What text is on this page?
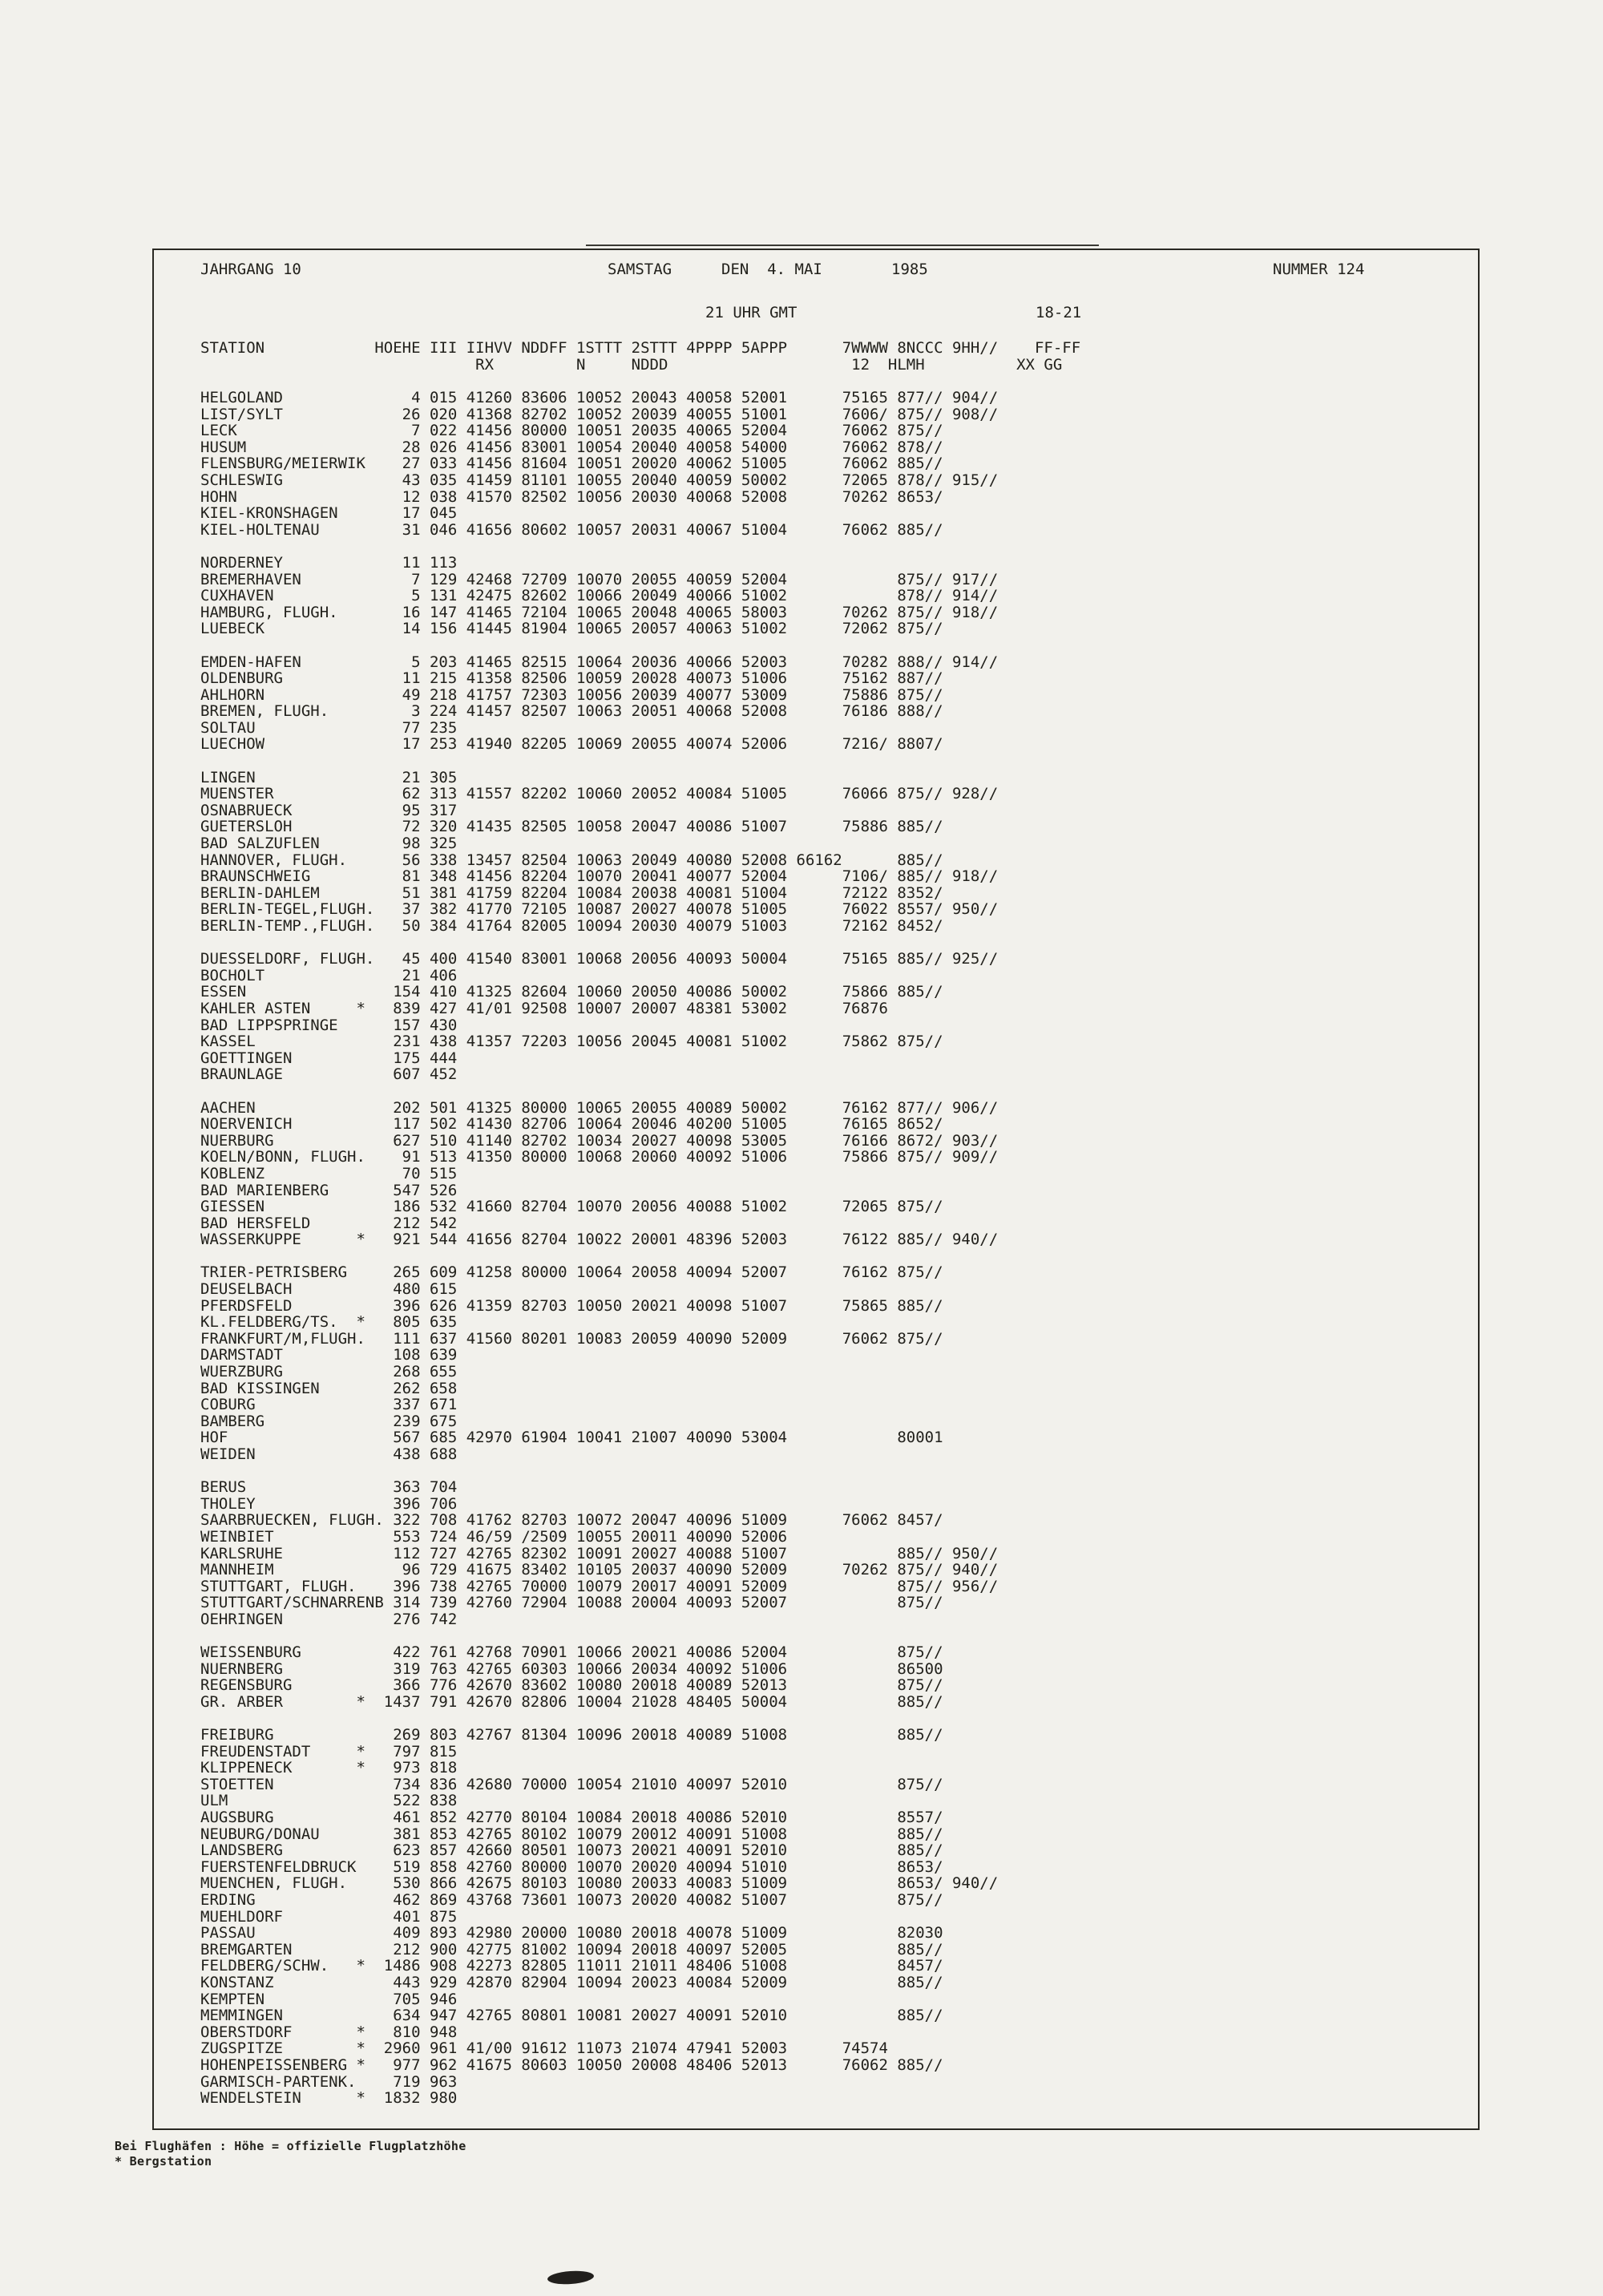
JAHRGANG 10	SAMSTAG	DEN  4. MAI	1985	NUMMER 124
21 UHR GMT	18-21
STATION            HOEHE III IIHVV NDDFF 1STTT 2STTT 4PPPP 5APPP      7WWWW 8NCCC 9HH//    FF-FF
RX         N     NDDD                    12  HLMH          XX GG
HELGOLAND              4 015 41260 83606 10052 20043 40058 52001      75165 877// 904//
LIST/SYLT             26 020 41368 82702 10052 20039 40055 51001      7606/ 875// 908//
LECK                   7 022 41456 80000 10051 20035 40065 52004      76062 875//
HUSUM                 28 026 41456 83001 10054 20040 40058 54000      76062 878//
FLENSBURG/MEIERWIK    27 033 41456 81604 10051 20020 40062 51005      76062 885//
SCHLESWIG             43 035 41459 81101 10055 20040 40059 50002      72065 878// 915//
HOHN                  12 038 41570 82502 10056 20030 40068 52008      70262 8653/
KIEL-KRONSHAGEN       17 045
KIEL-HOLTENAU         31 046 41656 80602 10057 20031 40067 51004      76062 885//
NORDERNEY             11 113
BREMERHAVEN            7 129 42468 72709 10070 20055 40059 52004            875// 917//
CUXHAVEN               5 131 42475 82602 10066 20049 40066 51002            878// 914//
HAMBURG, FLUGH.       16 147 41465 72104 10065 20048 40065 58003      70262 875// 918//
LUEBECK               14 156 41445 81904 10065 20057 40063 51002      72062 875//
EMDEN-HAFEN            5 203 41465 82515 10064 20036 40066 52003      70282 888// 914//
OLDENBURG             11 215 41358 82506 10059 20028 40073 51006      75162 887//
AHLHORN               49 218 41757 72303 10056 20039 40077 53009      75886 875//
BREMEN, FLUGH.         3 224 41457 82507 10063 20051 40068 52008      76186 888//
SOLTAU                77 235
LUECHOW               17 253 41940 82205 10069 20055 40074 52006      7216/ 8807/
LINGEN                21 305
MUENSTER              62 313 41557 82202 10060 20052 40084 51005      76066 875// 928//
OSNABRUECK            95 317
GUETERSLOH            72 320 41435 82505 10058 20047 40086 51007      75886 885//
BAD SALZUFLEN         98 325
HANNOVER, FLUGH.      56 338 13457 82504 10063 20049 40080 52008 66162      885//
BRAUNSCHWEIG          81 348 41456 82204 10070 20041 40077 52004      7106/ 885// 918//
BERLIN-DAHLEM         51 381 41759 82204 10084 20038 40081 51004      72122 8352/
BERLIN-TEGEL,FLUGH.   37 382 41770 72105 10087 20027 40078 51005      76022 8557/ 950//
BERLIN-TEMP.,FLUGH.   50 384 41764 82005 10094 20030 40079 51003      72162 8452/
DUESSELDORF, FLUGH.   45 400 41540 83001 10068 20056 40093 50004      75165 885// 925//
BOCHOLT               21 406
ESSEN                154 410 41325 82604 10060 20050 40086 50002      75866 885//
KAHLER ASTEN     *   839 427 41/01 92508 10007 20007 48381 53002      76876
BAD LIPPSPRINGE      157 430
KASSEL               231 438 41357 72203 10056 20045 40081 51002      75862 875//
GOETTINGEN           175 444
BRAUNLAGE            607 452
AACHEN               202 501 41325 80000 10065 20055 40089 50002      76162 877// 906//
NOERVENICH           117 502 41430 82706 10064 20046 40200 51005      76165 8652/
NUERBURG             627 510 41140 82702 10034 20027 40098 53005      76166 8672/ 903//
KOELN/BONN, FLUGH.    91 513 41350 80000 10068 20060 40092 51006      75866 875// 909//
KOBLENZ               70 515
BAD MARIENBERG       547 526
GIESSEN              186 532 41660 82704 10070 20056 40088 51002      72065 875//
BAD HERSFELD         212 542
WASSERKUPPE      *   921 544 41656 82704 10022 20001 48396 52003      76122 885// 940//
TRIER-PETRISBERG     265 609 41258 80000 10064 20058 40094 52007      76162 875//
DEUSELBACH           480 615
PFERDSFELD           396 626 41359 82703 10050 20021 40098 51007      75865 885//
KL.FELDBERG/TS.  *   805 635
FRANKFURT/M,FLUGH.   111 637 41560 80201 10083 20059 40090 52009      76062 875//
DARMSTADT            108 639
WUERZBURG            268 655
BAD KISSINGEN        262 658
COBURG               337 671
BAMBERG              239 675
HOF                  567 685 42970 61904 10041 21007 40090 53004            80001
WEIDEN               438 688
BERUS                363 704
THOLEY               396 706
SAARBRUECKEN, FLUGH. 322 708 41762 82703 10072 20047 40096 51009      76062 8457/
WEINBIET             553 724 46/59 /2509 10055 20011 40090 52006
KARLSRUHE            112 727 42765 82302 10091 20027 40088 51007            885// 950//
MANNHEIM              96 729 41675 83402 10105 20037 40090 52009      70262 875// 940//
STUTTGART, FLUGH.    396 738 42765 70000 10079 20017 40091 52009            875// 956//
STUTTGART/SCHNARRENB 314 739 42760 72904 10088 20004 40093 52007            875//
OEHRINGEN            276 742
WEISSENBURG          422 761 42768 70901 10066 20021 40086 52004            875//
NUERNBERG            319 763 42765 60303 10066 20034 40092 51006            86500
REGENSBURG           366 776 42670 83602 10080 20018 40089 52013            875//
GR. ARBER        *  1437 791 42670 82806 10004 21028 48405 50004            885//
FREIBURG             269 803 42767 81304 10096 20018 40089 51008            885//
FREUDENSTADT     *   797 815
KLIPPENECK       *   973 818
STOETTEN             734 836 42680 70000 10054 21010 40097 52010            875//
ULM                  522 838
AUGSBURG             461 852 42770 80104 10084 20018 40086 52010            8557/
NEUBURG/DONAU        381 853 42765 80102 10079 20012 40091 51008            885//
LANDSBERG            623 857 42660 80501 10073 20021 40091 52010            885//
FUERSTENFELDBRUCK    519 858 42760 80000 10070 20020 40094 51010            8653/
MUENCHEN, FLUGH.     530 866 42675 80103 10080 20033 40083 51009            8653/ 940//
ERDING               462 869 43768 73601 10073 20020 40082 51007            875//
MUEHLDORF            401 875
PASSAU               409 893 42980 20000 10080 20018 40078 51009            82030
BREMGARTEN           212 900 42775 81002 10094 20018 40097 52005            885//
FELDBERG/SCHW.   *  1486 908 42273 82805 11011 21011 48406 51008            8457/
KONSTANZ             443 929 42870 82904 10094 20023 40084 52009            885//
KEMPTEN              705 946
MEMMINGEN            634 947 42765 80801 10081 20027 40091 52010            885//
OBERSTDORF       *   810 948
ZUGSPITZE        *  2960 961 41/00 91612 11073 21074 47941 52003      74574
HOHENPEISSENBERG *   977 962 41675 80603 10050 20008 48406 52013      76062 885//
GARMISCH-PARTENK.    719 963
WENDELSTEIN      *  1832 980
Bei Flughäfen : Höhe = offizielle Flugplatzhöhe
* Bergstation
